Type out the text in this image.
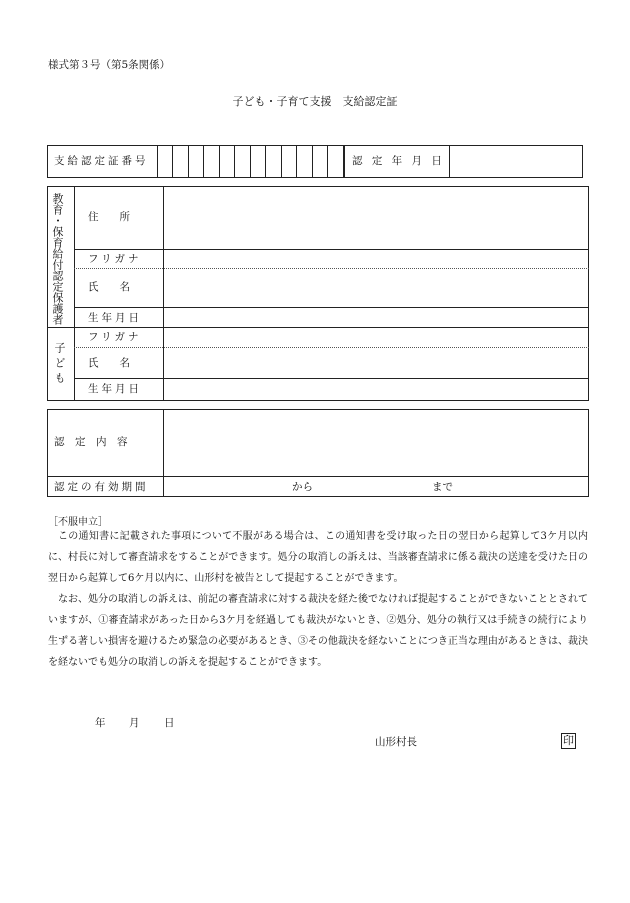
様式第３号（第5条関係）
子ども・子育て支援　支給認定証
支給認定証番号	認 定 年 月 日
教育・保育給付認定保護者 住　　所
フリガナ
氏　　名
生年月日
子ども
フリガナ
氏　　名
生年月日
認　定　内　容
認定の有効期間	から	まで
［不服申立］

この通知書に記載された事項について不服がある場合は、この通知書を受け取った日の翌日から起算して3ケ月以内に、村長に対して審査請求をすることができます。処分の取消しの訴えは、当該審査請求に係る裁決の送達を受けた日の翌日から起算して6ケ月以内に、山形村を被告として提起することができます。

なお、処分の取消しの訴えは、前記の審査請求に対する裁決を経た後でなければ提起することができないこととされていますが、①審査請求があった日から3ケ月を経過しても裁決がないとき、②処分、処分の執行又は手続きの続行により生ずる著しい損害を避けるため緊急の必要があるとき、③その他裁決を経ないことにつき正当な理由があるときは、裁決を経ないでも処分の取消しの訴えを提起することができます。

年 月 日
山形村長	印
